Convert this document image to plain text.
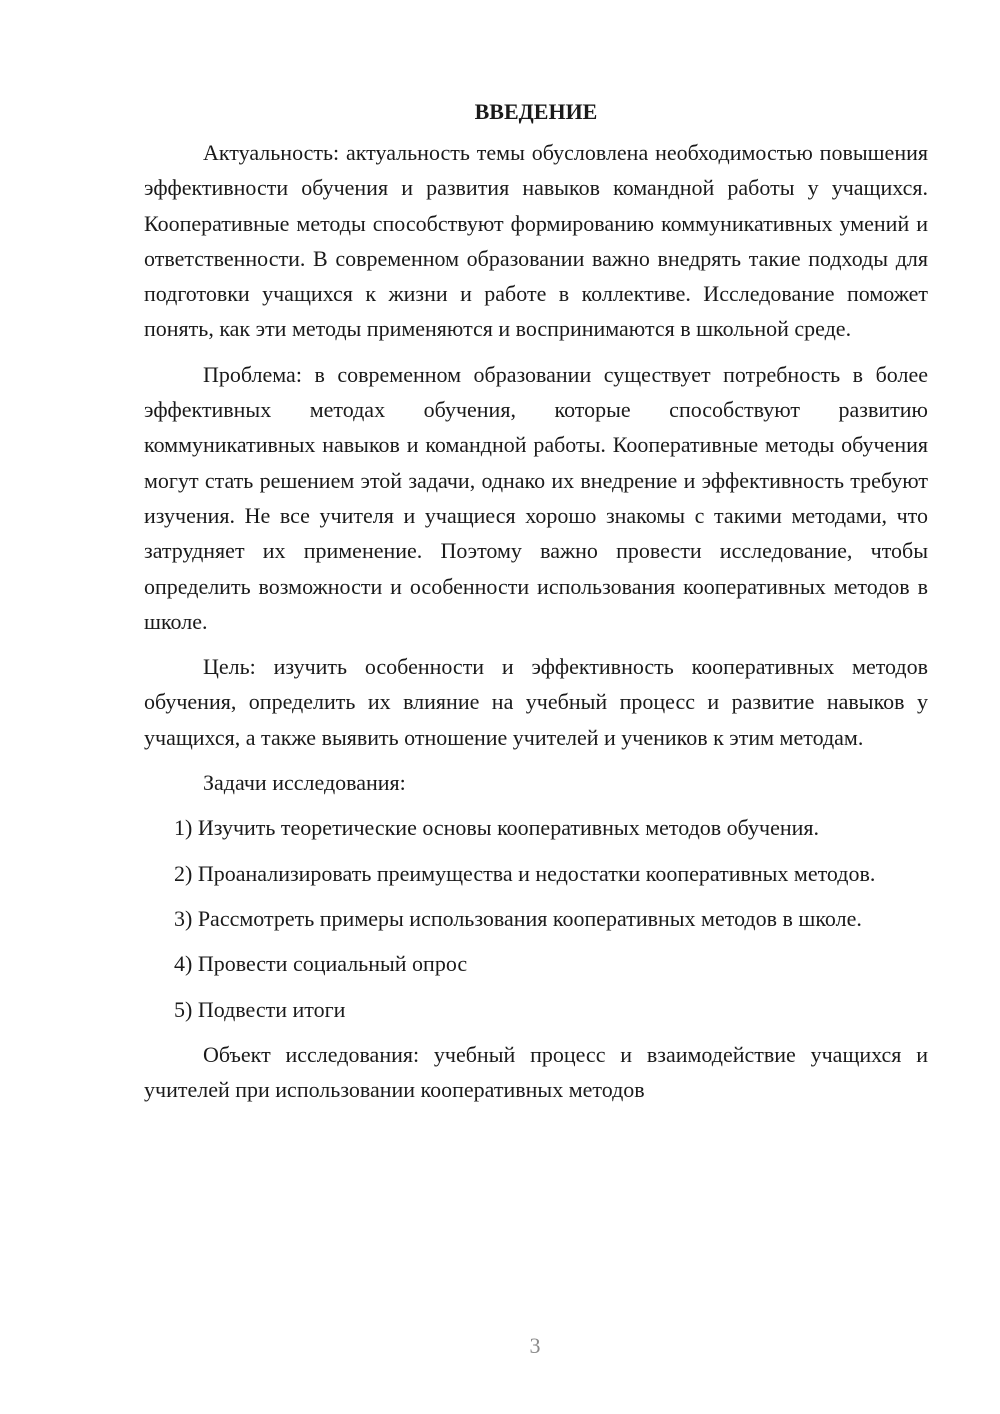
ВВЕДЕНИЕ

Актуальность: актуальность темы обусловлена необходимостью повышения эффективности обучения и развития навыков командной работы у учащихся. Кооперативные методы способствуют формированию коммуникативных умений и ответственности. В современном образовании важно внедрять такие подходы для подготовки учащихся к жизни и работе в коллективе. Исследование поможет понять, как эти методы применяются и воспринимаются в школьной среде.

Проблема: в современном образовании существует потребность в более эффективных методах обучения, которые способствуют развитию коммуникативных навыков и командной работы. Кооперативные методы обучения могут стать решением этой задачи, однако их внедрение и эффективность требуют изучения. Не все учителя и учащиеся хорошо знакомы с такими методами, что затрудняет их применение. Поэтому важно провести исследование, чтобы определить возможности и особенности использования кооперативных методов в школе.

Цель: изучить особенности и эффективность кооперативных методов обучения, определить их влияние на учебный процесс и развитие навыков у учащихся, а также выявить отношение учителей и учеников к этим методам.

Задачи исследования:

1) Изучить теоретические основы кооперативных методов обучения.

2) Проанализировать преимущества и недостатки кооперативных методов.

3) Рассмотреть примеры использования кооперативных методов в школе.

4) Провести социальный опрос

5) Подвести итоги

Объект исследования: учебный процесс и взаимодействие учащихся и учителей при использовании кооперативных методов

3
